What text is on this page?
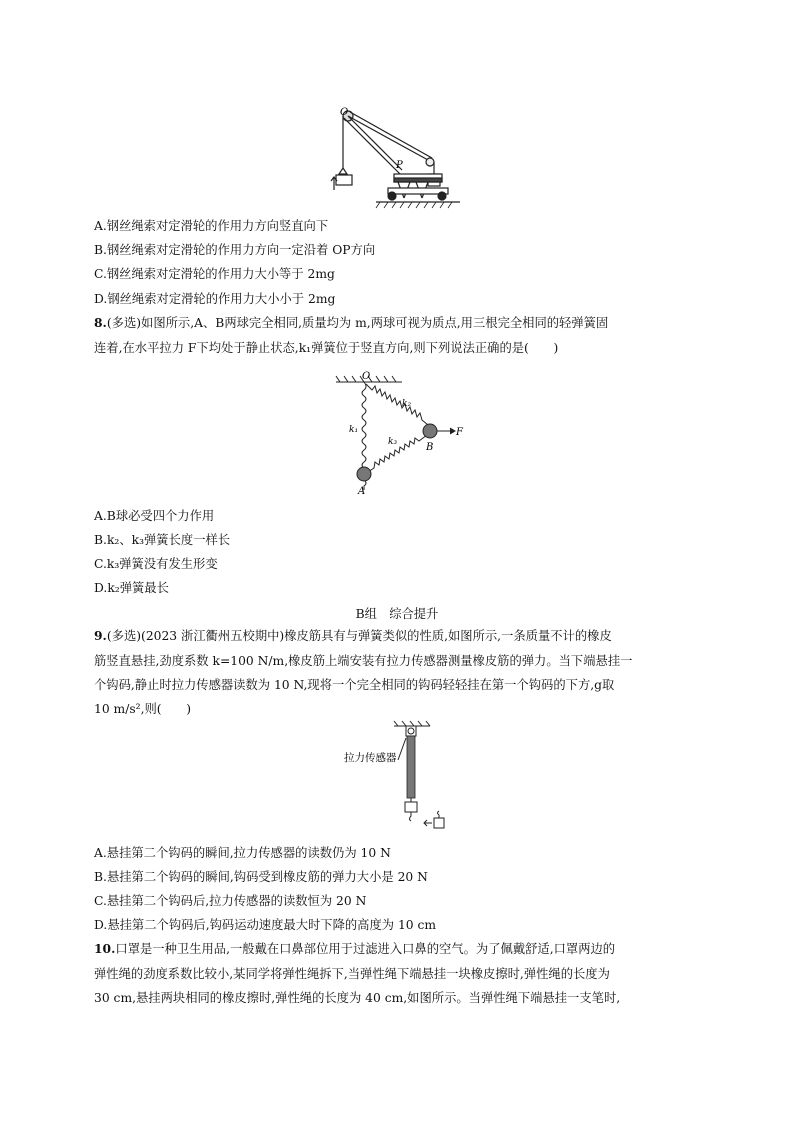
O
P
A.钢丝绳索对定滑轮的作用力方向竖直向下
B.钢丝绳索对定滑轮的作用力方向一定沿着 OP方向
C.钢丝绳索对定滑轮的作用力大小等于 2mg
D.钢丝绳索对定滑轮的作用力大小小于 2mg
8.(多选)如图所示,A、B两球完全相同,质量均为 m,两球可视为质点,用三根完全相同的轻弹簧固
连着,在水平拉力 F下均处于静止状态,k₁弹簧位于竖直方向,则下列说法正确的是(　　)
O
k₁
k₂
k₃
A
B
F
A.B球必受四个力作用
B.k₂、k₃弹簧长度一样长
C.k₃弹簧没有发生形变
D.k₂弹簧最长
B组　综合提升
9.(多选)(2023 浙江衢州五校期中)橡皮筋具有与弹簧类似的性质,如图所示,一条质量不计的橡皮
筋竖直悬挂,劲度系数 k=100 N/m,橡皮筋上端安装有拉力传感器测量橡皮筋的弹力。当下端悬挂一
个钩码,静止时拉力传感器读数为 10 N,现将一个完全相同的钩码轻轻挂在第一个钩码的下方,g取
10 m/s²,则(　　)
拉力传感器
A.悬挂第二个钩码的瞬间,拉力传感器的读数仍为 10 N
B.悬挂第二个钩码的瞬间,钩码受到橡皮筋的弹力大小是 20 N
C.悬挂第二个钩码后,拉力传感器的读数恒为 20 N
D.悬挂第二个钩码后,钩码运动速度最大时下降的高度为 10 cm
10.口罩是一种卫生用品,一般戴在口鼻部位用于过滤进入口鼻的空气。为了佩戴舒适,口罩两边的
弹性绳的劲度系数比较小,某同学将弹性绳拆下,当弹性绳下端悬挂一块橡皮擦时,弹性绳的长度为
30 cm,悬挂两块相同的橡皮擦时,弹性绳的长度为 40 cm,如图所示。当弹性绳下端悬挂一支笔时,
